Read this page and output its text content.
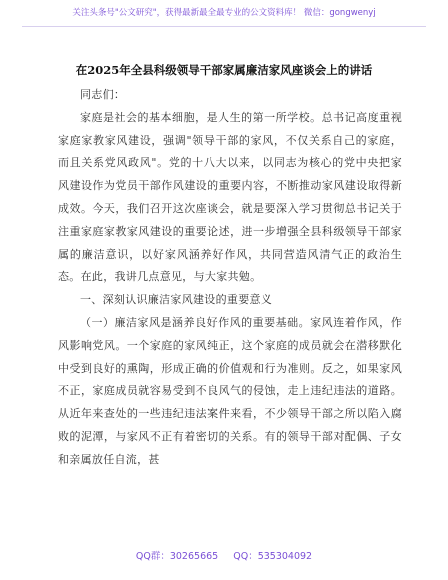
关注头条号"公文研究"，获得最新最全最专业的公文资料库！ 微信：gongwenyj
在2025年全县科级领导干部家属廉洁家风座谈会上的讲话

同志们：

家庭是社会的基本细胞，是人生的第一所学校。总书记高度重视家庭家教家风建设，强调"领导干部的家风，不仅关系自己的家庭，而且关系党风政风"。党的十八大以来，以同志为核心的党中央把家风建设作为党员干部作风建设的重要内容，不断推动家风建设取得新成效。今天，我们召开这次座谈会，就是要深入学习贯彻总书记关于注重家庭家教家风建设的重要论述，进一步增强全县科级领导干部家属的廉洁意识，以好家风涵养好作风，共同营造风清气正的政治生态。在此，我讲几点意见，与大家共勉。

一、深刻认识廉洁家风建设的重要意义

（一）廉洁家风是涵养良好作风的重要基础。家风连着作风，作风影响党风。一个家庭的家风纯正，这个家庭的成员就会在潜移默化中受到良好的熏陶，形成正确的价值观和行为准则。反之，如果家风不正，家庭成员就容易受到不良风气的侵蚀，走上违纪违法的道路。从近年来查处的一些违纪违法案件来看，不少领导干部之所以陷入腐败的泥潭，与家风不正有着密切的关系。有的领导干部对配偶、子女和亲属放任自流，甚

QQ群：30265665 QQ：535304092
